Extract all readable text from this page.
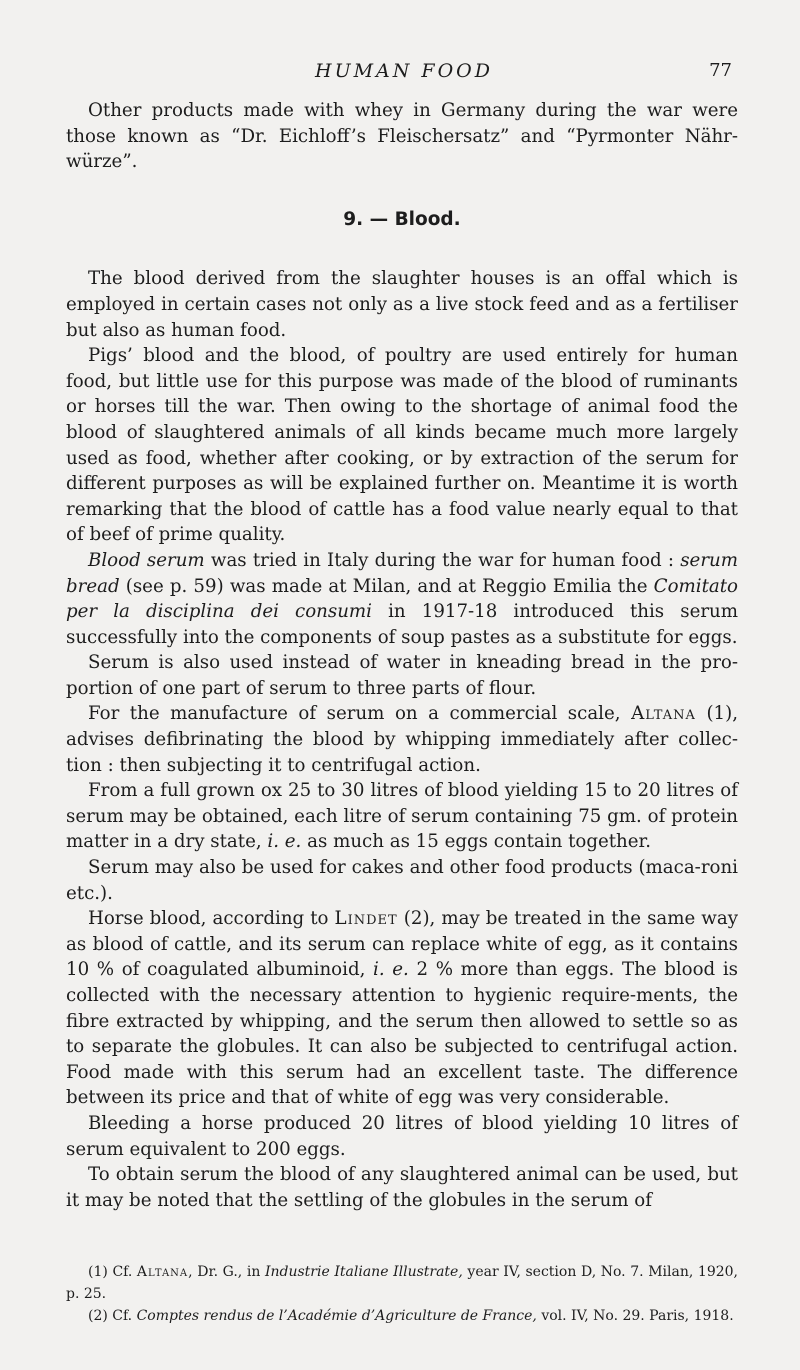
HUMAN FOOD	77

Other products made with whey in Germany during the war were those known as “Dr. Eichloff’s Fleischersatz” and “Pyrmonter Nähr-würze”.

9. — Blood.

The blood derived from the slaughter houses is an offal which is employed in certain cases not only as a live stock feed and as a fertiliser but also as human food.

Pigs’ blood and the blood, of poultry are used entirely for human food, but little use for this purpose was made of the blood of ruminants or horses till the war. Then owing to the shortage of animal food the blood of slaughtered animals of all kinds became much more largely used as food, whether after cooking, or by extraction of the serum for different purposes as will be explained further on. Meantime it is worth remarking that the blood of cattle has a food value nearly equal to that of beef of prime quality.

Blood serum was tried in Italy during the war for human food : serum bread (see p. 59) was made at Milan, and at Reggio Emilia the Comitato per la disciplina dei consumi in 1917-18 introduced this serum successfully into the components of soup pastes as a substitute for eggs.

Serum is also used instead of water in kneading bread in the pro-portion of one part of serum to three parts of flour.

For the manufacture of serum on a commercial scale, Altana (1), advises defibrinating the blood by whipping immediately after collec-tion : then subjecting it to centrifugal action.

From a full grown ox 25 to 30 litres of blood yielding 15 to 20 litres of serum may be obtained, each litre of serum containing 75 gm. of protein matter in a dry state, i. e. as much as 15 eggs contain together.

Serum may also be used for cakes and other food products (maca-roni etc.).

Horse blood, according to Lindet (2), may be treated in the same way as blood of cattle, and its serum can replace white of egg, as it contains 10 % of coagulated albuminoid, i. e. 2 % more than eggs. The blood is collected with the necessary attention to hygienic require-ments, the fibre extracted by whipping, and the serum then allowed to settle so as to separate the globules. It can also be subjected to centrifugal action. Food made with this serum had an excellent taste. The difference between its price and that of white of egg was very considerable.

Bleeding a horse produced 20 litres of blood yielding 10 litres of serum equivalent to 200 eggs.

To obtain serum the blood of any slaughtered animal can be used, but it may be noted that the settling of the globules in the serum of

(1) Cf. Altana, Dr. G., in Industrie Italiane Illustrate, year IV, section D, No. 7. Milan, 1920, p. 25.

(2) Cf. Comptes rendus de l’Académie d’Agriculture de France, vol. IV, No. 29. Paris, 1918.
